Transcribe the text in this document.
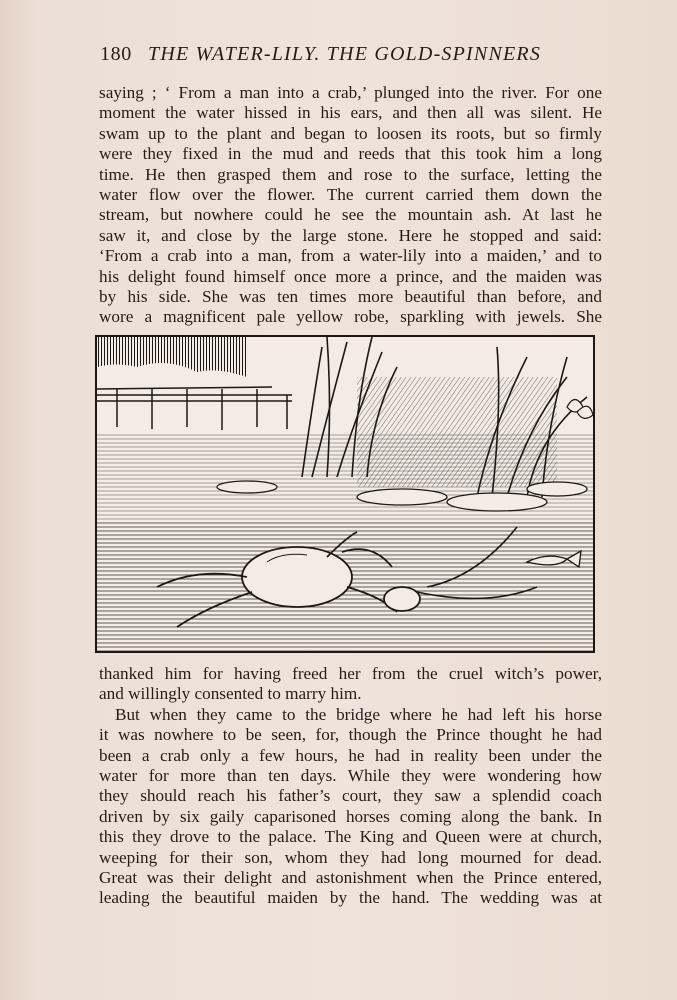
180 THE WATER-LILY. THE GOLD-SPINNERS
saying ; ‘ From a man into a crab,’ plunged into the river. For one
moment the water hissed in his ears, and then all was silent. He
swam up to the plant and began to loosen its roots, but so firmly
were they fixed in the mud and reeds that this took him a long
time. He then grasped them and rose to the surface, letting the
water flow over the flower. The current carried them down the
stream, but nowhere could he see the mountain ash. At last he
saw it, and close by the large stone. Here he stopped and said:
‘From a crab into a man, from a water-lily into a maiden,’ and to
his delight found himself once more a prince, and the maiden was
by his side. She was ten times more beautiful than before, and
wore a magnificent pale yellow robe, sparkling with jewels. She
thanked him for having freed her from the cruel witch’s power,
and willingly consented to marry him.
But when they came to the bridge where he had left his horse
it was nowhere to be seen, for, though the Prince thought he had
been a crab only a few hours, he had in reality been under the
water for more than ten days. While they were wondering how
they should reach his father’s court, they saw a splendid coach
driven by six gaily caparisoned horses coming along the bank. In
this they drove to the palace. The King and Queen were at church,
weeping for their son, whom they had long mourned for dead.
Great was their delight and astonishment when the Prince entered,
leading the beautiful maiden by the hand. The wedding was at
